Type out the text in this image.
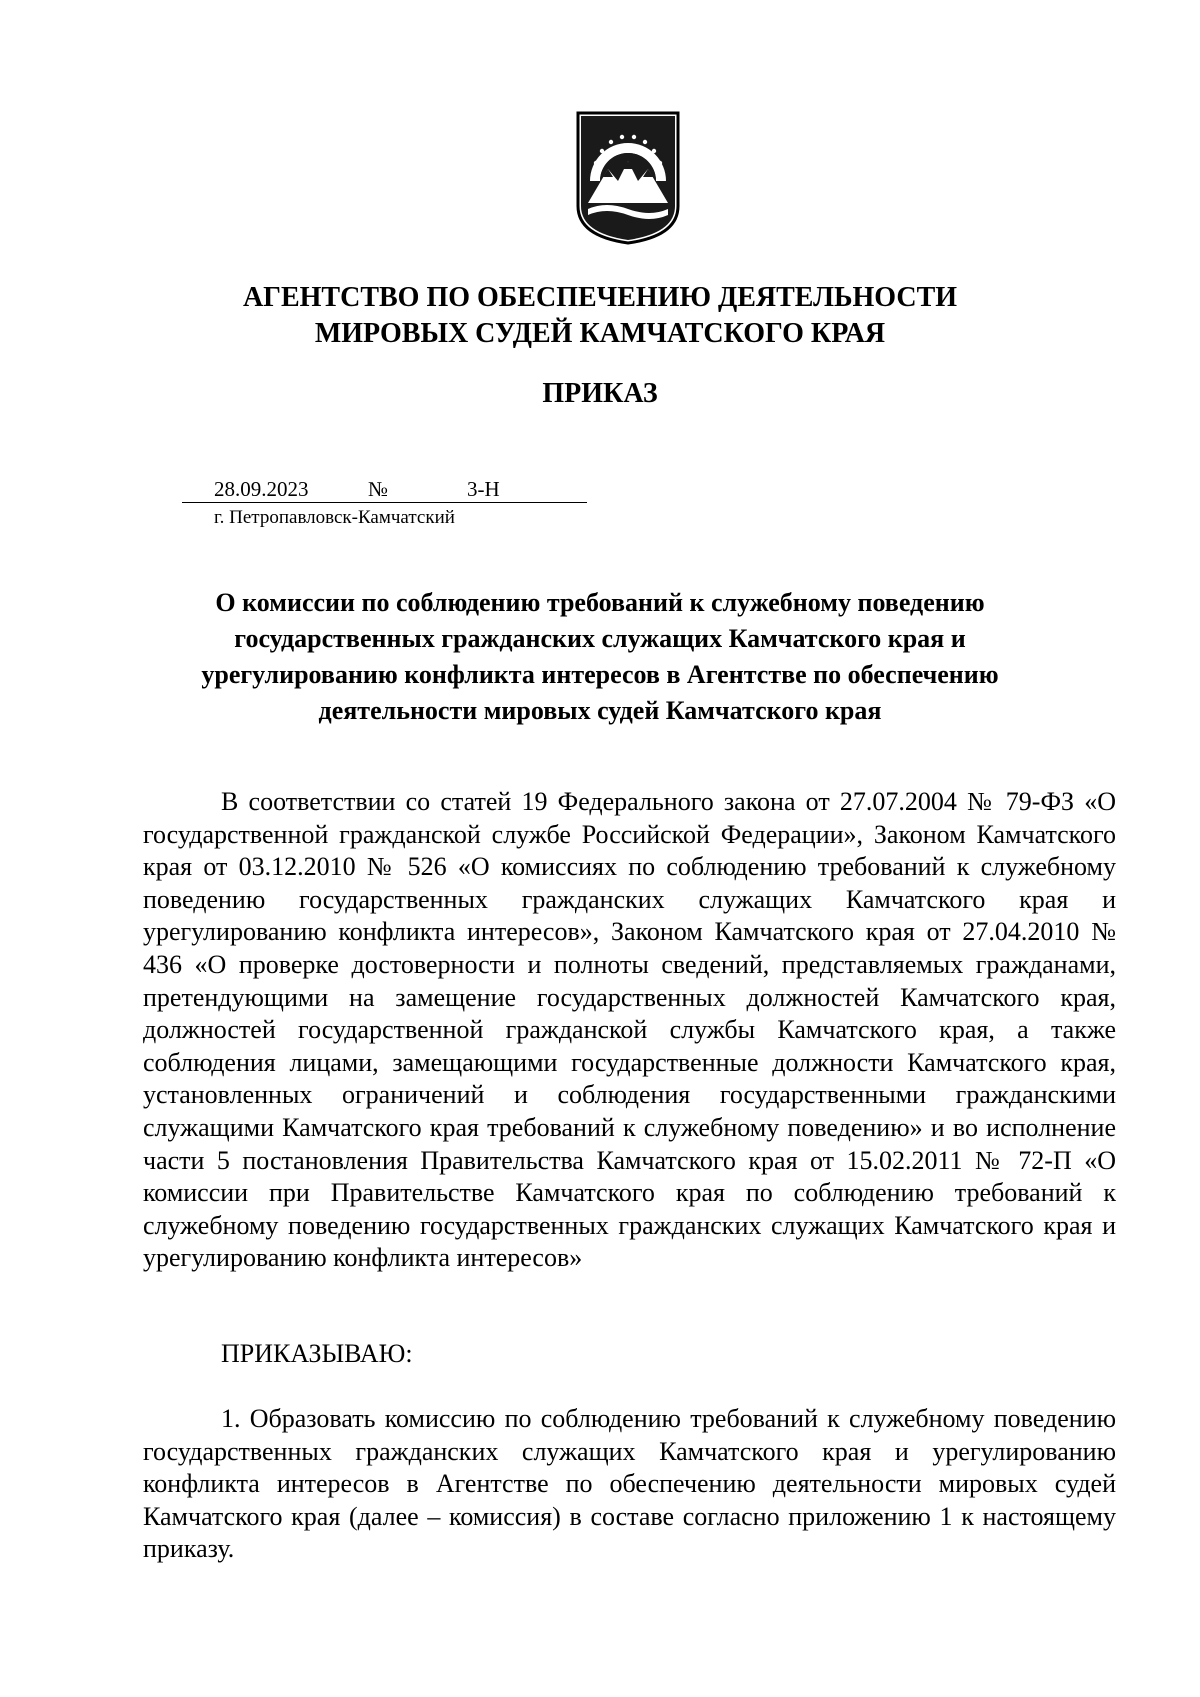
АГЕНТСТВО ПО ОБЕСПЕЧЕНИЮ ДЕЯТЕЛЬНОСТИ
МИРОВЫХ СУДЕЙ КАМЧАТСКОГО КРАЯ
ПРИКАЗ
28.09.2023	№	3-Н
г. Петропавловск-Камчатский
О комиссии по соблюдению требований к служебному поведению
государственных гражданских служащих Камчатского края и
урегулированию конфликта интересов в Агентстве по обеспечению
деятельности мировых судей Камчатского края

В соответствии со статей 19 Федерального закона от 27.07.2004 № 79-ФЗ «О государственной гражданской службе Российской Федерации», Законом Камчатского края от 03.12.2010 № 526 «О комиссиях по соблюдению требований к служебному поведению государственных гражданских служащих Камчатского края и урегулированию конфликта интересов», Законом Камчатского края от 27.04.2010 № 436 «О проверке достоверности и полноты сведений, представляемых гражданами, претендующими на замещение государственных должностей Камчатского края, должностей государственной гражданской службы Камчатского края, а также соблюдения лицами, замещающими государственные должности Камчатского края, установленных ограничений и соблюдения государственными гражданскими служащими Камчатского края требований к служебному поведению» и во исполнение части 5 постановления Правительства Камчатского края от 15.02.2011 № 72-П «О комиссии при Правительстве Камчатского края по соблюдению требований к служебному поведению государственных гражданских служащих Камчатского края и урегулированию конфликта интересов»

ПРИКАЗЫВАЮ:

1. Образовать комиссию по соблюдению требований к служебному поведению государственных гражданских служащих Камчатского края и урегулированию конфликта интересов в Агентстве по обеспечению деятельности мировых судей Камчатского края (далее – комиссия) в составе согласно приложению 1 к настоящему приказу.
